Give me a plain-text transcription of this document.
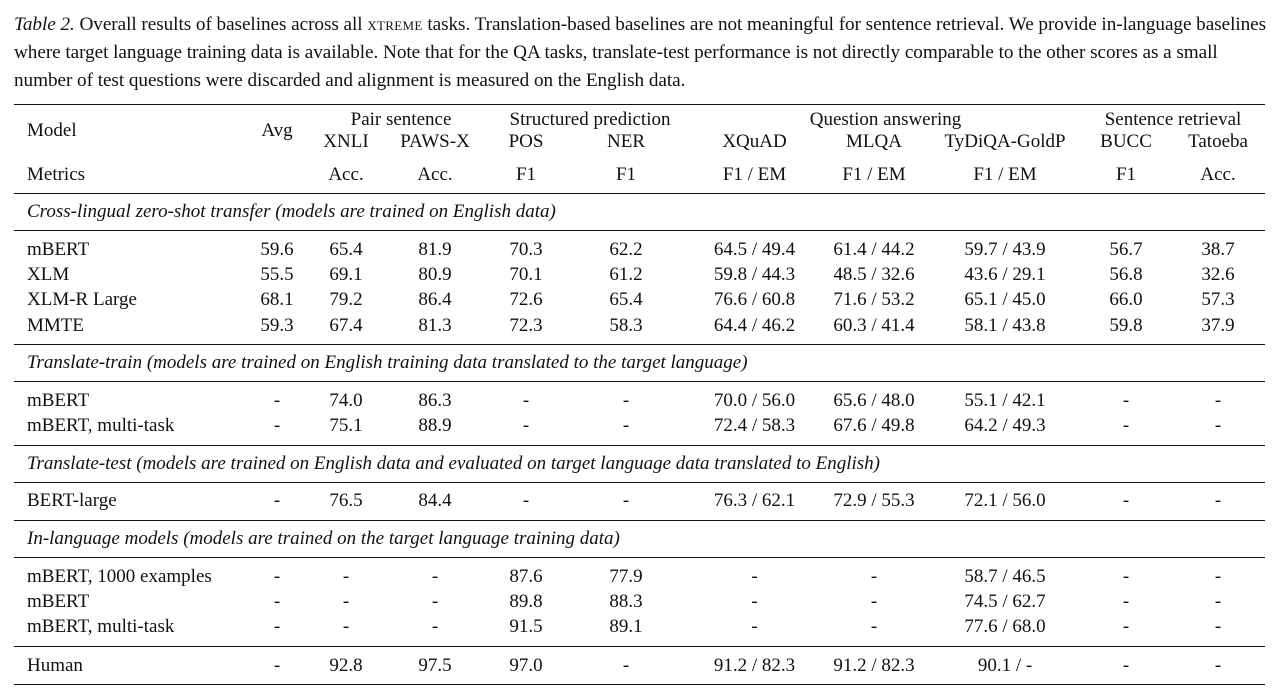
Table 2. Overall results of baselines across all xtreme tasks. Translation-based baselines are not meaningful for sentence retrieval. We provide in-language baselines where target language training data is available. Note that for the QA tasks, translate-test performance is not directly comparable to the other scores as a small number of test questions were discarded and alignment is measured on the English data.
Model	Avg	Pair sentence		Structured prediction		Question answering			Sentence retrieval	
		XNLI	PAWS-X	POS	NER	XQuAD	MLQA	TyDiQA-GoldP	BUCC	Tatoeba
Metrics		Acc.	Acc.	F1	F1	F1 / EM	F1 / EM	F1 / EM	F1	Acc.
Cross-lingual zero-shot transfer (models are trained on English data)										

mBERT	59.6	65.4	81.9	70.3	62.2	64.5 / 49.4	61.4 / 44.2	59.7 / 43.9	56.7	38.7
XLM	55.5	69.1	80.9	70.1	61.2	59.8 / 44.3	48.5 / 32.6	43.6 / 29.1	56.8	32.6
XLM-R Large	68.1	79.2	86.4	72.6	65.4	76.6 / 60.8	71.6 / 53.2	65.1 / 45.0	66.0	57.3
MMTE	59.3	67.4	81.3	72.3	58.3	64.4 / 46.2	60.3 / 41.4	58.1 / 43.8	59.8	37.9

Translate-train (models are trained on English training data translated to the target language)										

mBERT	-	74.0	86.3	-	-	70.0 / 56.0	65.6 / 48.0	55.1 / 42.1	-	-
mBERT, multi-task	-	75.1	88.9	-	-	72.4 / 58.3	67.6 / 49.8	64.2 / 49.3	-	-

Translate-test (models are trained on English data and evaluated on target language data translated to English)										

BERT-large	-	76.5	84.4	-	-	76.3 / 62.1	72.9 / 55.3	72.1 / 56.0	-	-

In-language models (models are trained on the target language training data)										

mBERT, 1000 examples	-	-	-	87.6	77.9	-	-	58.7 / 46.5	-	-
mBERT	-	-	-	89.8	88.3	-	-	74.5 / 62.7	-	-
mBERT, multi-task	-	-	-	91.5	89.1	-	-	77.6 / 68.0	-	-

Human	-	92.8	97.5	97.0	-	91.2 / 82.3	91.2 / 82.3	90.1 / -	-	-
